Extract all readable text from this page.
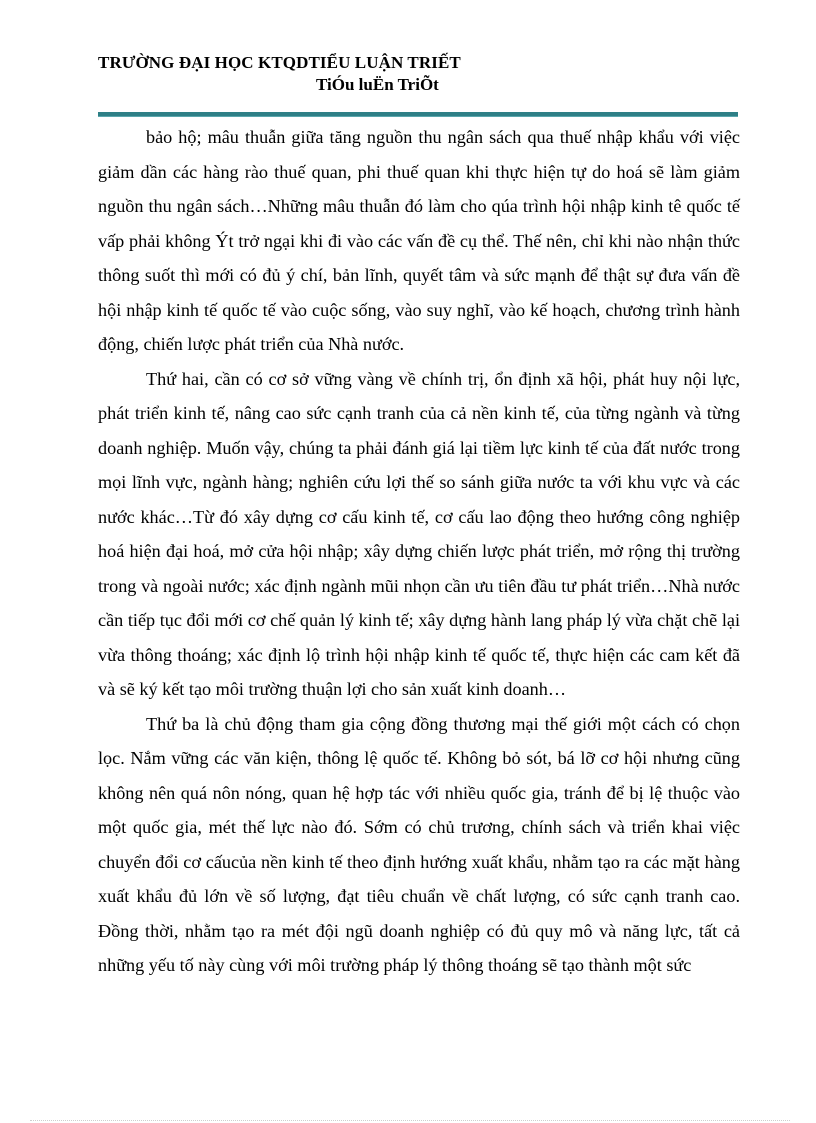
TRƯỜNG ĐẠI HỌC KTQDTIỂU LUẬN TRIẾT
TiÓu luËn TriÕt

bảo hộ; mâu thuẫn giữa tăng nguồn thu ngân sách qua thuế nhập khẩu với việc giảm dần các hàng rào thuế quan, phi thuế quan khi thực hiện tự do hoá sẽ làm giảm nguồn thu ngân sách…Những mâu thuẫn đó làm cho qúa trình hội nhập kinh tê quốc tế vấp phải không Ýt trở ngại khi đi vào các vấn đề cụ thể. Thế nên, chỉ khi nào nhận thức thông suốt thì mới có đủ ý chí, bản lĩnh, quyết tâm và sức mạnh để thật sự đưa vấn đề hội nhập kinh tế quốc tế vào cuộc sống, vào suy nghĩ, vào kế hoạch, chương trình hành động, chiến lược phát triển của Nhà nước.

Thứ hai, cần có cơ sở vững vàng về chính trị, ổn định xã hội, phát huy nội lực, phát triển kinh tế, nâng cao sức cạnh tranh của cả nền kinh tế, của từng ngành và từng doanh nghiệp. Muốn vậy, chúng ta phải đánh giá lại tiềm lực kinh tế của đất nước trong mọi lĩnh vực, ngành hàng; nghiên cứu lợi thế so sánh giữa nước ta với khu vực và các nước khác…Từ đó xây dựng cơ cấu kinh tế, cơ cấu lao động theo hướng công nghiệp hoá hiện đại hoá, mở cửa hội nhập; xây dựng chiến lược phát triển, mở rộng thị trường trong và ngoài nước; xác định ngành mũi nhọn cần ưu tiên đầu tư phát triển…Nhà nước cần tiếp tục đổi mới cơ chế quản lý kinh tế; xây dựng hành lang pháp lý vừa chặt chẽ lại vừa thông thoáng; xác định lộ trình hội nhập kinh tế quốc tế, thực hiện các cam kết đã và sẽ ký kết tạo môi trường thuận lợi cho sản xuất kinh doanh…

Thứ ba là chủ động tham gia cộng đồng thương mại thế giới một cách có chọn lọc. Nắm vững các văn kiện, thông lệ quốc tế. Không bỏ sót, bá lỡ cơ hội nhưng cũng không nên quá nôn nóng, quan hệ hợp tác với nhiều quốc gia, tránh để bị lệ thuộc vào một quốc gia, mét thế lực nào đó. Sớm có chủ trương, chính sách và triển khai việc chuyển đổi cơ cấucủa nền kinh tế theo định hướng xuất khẩu, nhằm tạo ra các mặt hàng xuất khẩu đủ lớn về số lượng, đạt tiêu chuẩn về chất lượng, có sức cạnh tranh cao. Đồng thời, nhằm tạo ra mét đội ngũ doanh nghiệp có đủ quy mô và năng lực, tất cả những yếu tố này cùng với môi trường pháp lý thông thoáng sẽ tạo thành một sức
